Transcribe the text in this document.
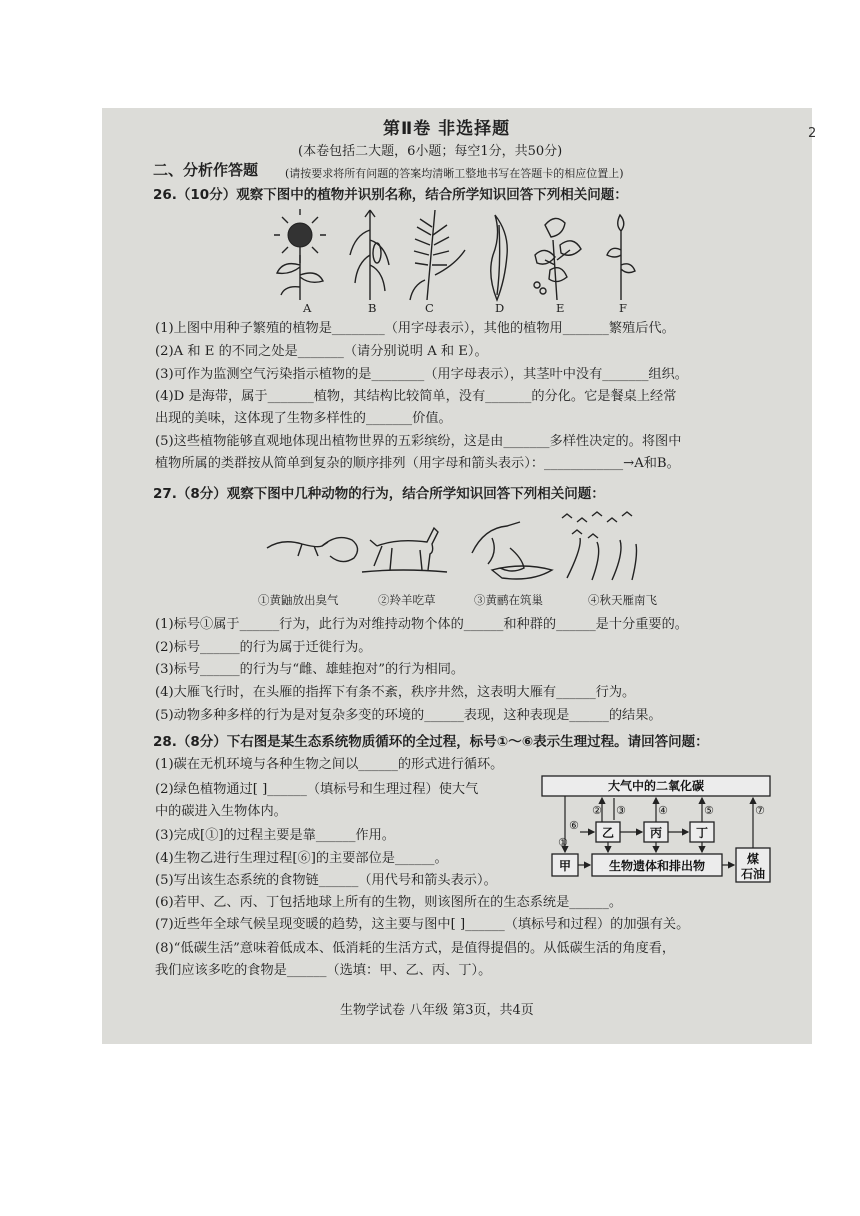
2
第Ⅱ卷 非选择题
(本卷包括二大题，6小题；每空1分，共50分)
二、分析作答题 (请按要求将所有问题的答案均清晰工整地书写在答题卡的相应位置上)
26.（10分）观察下图中的植物并识别名称，结合所学知识回答下列相关问题：
A	B	C	D	E	F
(1)上图中用种子繁殖的植物是________（用字母表示），其他的植物用_______繁殖后代。
(2)A 和 E 的不同之处是_______（请分别说明 A 和 E）。
(3)可作为监测空气污染指示植物的是________（用字母表示），其茎叶中没有_______组织。
(4)D 是海带，属于_______植物，其结构比较简单，没有_______的分化。它是餐桌上经常
出现的美味，这体现了生物多样性的_______价值。
(5)这些植物能够直观地体现出植物世界的五彩缤纷，这是由_______多样性决定的。将图中
植物所属的类群按从简单到复杂的顺序排列（用字母和箭头表示）：____________→A和B。
27.（8分）观察下图中几种动物的行为，结合所学知识回答下列相关问题：
①黄鼬放出臭气	②羚羊吃草	③黄鹂在筑巢	④秋天雁南飞
(1)标号①属于______行为，此行为对维持动物个体的______和种群的______是十分重要的。
(2)标号______的行为属于迁徙行为。
(3)标号______的行为与“雌、雄蛙抱对”的行为相同。
(4)大雁飞行时，在头雁的指挥下有条不紊，秩序井然，这表明大雁有______行为。
(5)动物多种多样的行为是对复杂多变的环境的______表现，这种表现是______的结果。
28.（8分）下右图是某生态系统物质循环的全过程，标号①～⑥表示生理过程。请回答问题：
(1)碳在无机环境与各种生物之间以______的形式进行循环。
(2)绿色植物通过[ ]______（填标号和生理过程）使大气
中的碳进入生物体内。
(3)完成[①]的过程主要是靠______作用。
(4)生物乙进行生理过程[⑥]的主要部位是______。
(5)写出该生态系统的食物链______（用代号和箭头表示）。
(6)若甲、乙、丙、丁包括地球上所有的生物，则该图所在的生态系统是______。
(7)近些年全球气候呈现变暖的趋势，这主要与图中[ ]______（填标号和过程）的加强有关。
(8)“低碳生活”意味着低成本、低消耗的生活方式，是值得提倡的。从低碳生活的角度看，
我们应该多吃的食物是______（选填：甲、乙、丙、丁）。
大气中的二氧化碳
甲
乙	丙	丁
生物遗体和排出物	煤
石油
①
② ③	④	⑤
⑥
⑦
生物学试卷 八年级 第3页，共4页
